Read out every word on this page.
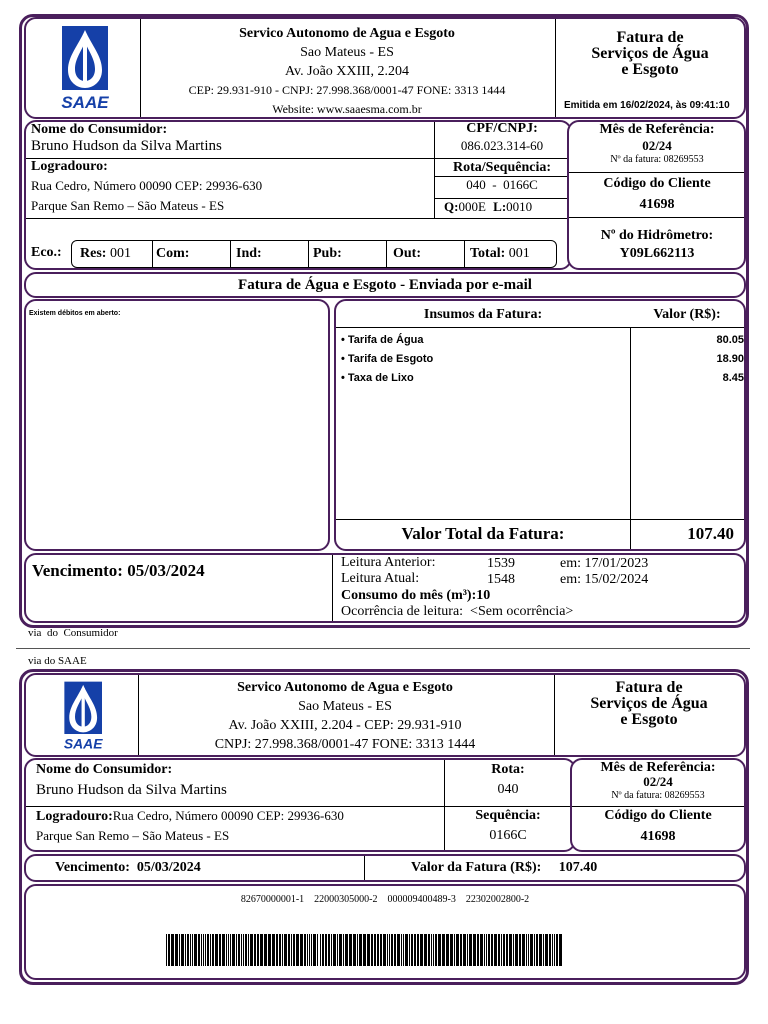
SAAE
Servico Autonomo de Agua e Esgoto
Sao Mateus - ES
Av. João XXIII, 2.204
CEP: 29.931-910 - CNPJ: 27.998.368/0001-47 FONE: 3313 1444
Website: www.saaesma.com.br
Fatura de
Serviços de Água
e Esgoto
Emitida em 16/02/2024, às 09:41:10
Nome do Consumidor:
Bruno Hudson da Silva Martins
CPF/CNPJ:
086.023.314-60
Logradouro:
Rua Cedro, Número 00090 CEP: 29936-630
Parque San Remo – São Mateus - ES
Rota/Sequência:
040  -  0166C
Q:000E L:0010
Eco.: Res: 001 Com:	Ind:	Pub:	Out:	Total: 001
Mês de Referência:
02/24
Nº da fatura: 08269553
Código do Cliente
41698
Nº do Hidrômetro:
Y09L662113
Fatura de Água e Esgoto - Enviada por e-mail
Existem débitos em aberto:	Insumos da Fatura:	Valor (R$):
• Tarifa de Água	80.05
• Tarifa de Esgoto	18.90
• Taxa de Lixo	8.45
Valor Total da Fatura:	107.40
Vencimento: 05/03/2024	Leitura Anterior:	1539	em: 17/01/2023
Leitura Atual:	1548	em: 15/02/2024
Consumo do mês (m³):10
Ocorrência de leitura: <Sem ocorrência>
via  do  Consumidor
via do SAAE
SAAE
Servico Autonomo de Agua e Esgoto
Sao Mateus - ES
Av. João XXIII, 2.204 - CEP: 29.931-910
CNPJ: 27.998.368/0001-47 FONE: 3313 1444
Fatura de
Serviços de Água
e Esgoto
Nome do Consumidor:
Bruno Hudson da Silva Martins
Rota:
040
Logradouro:Rua Cedro, Número 00090 CEP: 29936-630
Parque San Remo – São Mateus - ES
Sequência:
0166C
Mês de Referência:
02/24
Nº da fatura: 08269553
Código do Cliente
41698
Vencimento: 05/03/2024	Valor da Fatura (R$): 107.40
82670000001-1    22000305000-2    000009400489-3    22302002800-2
